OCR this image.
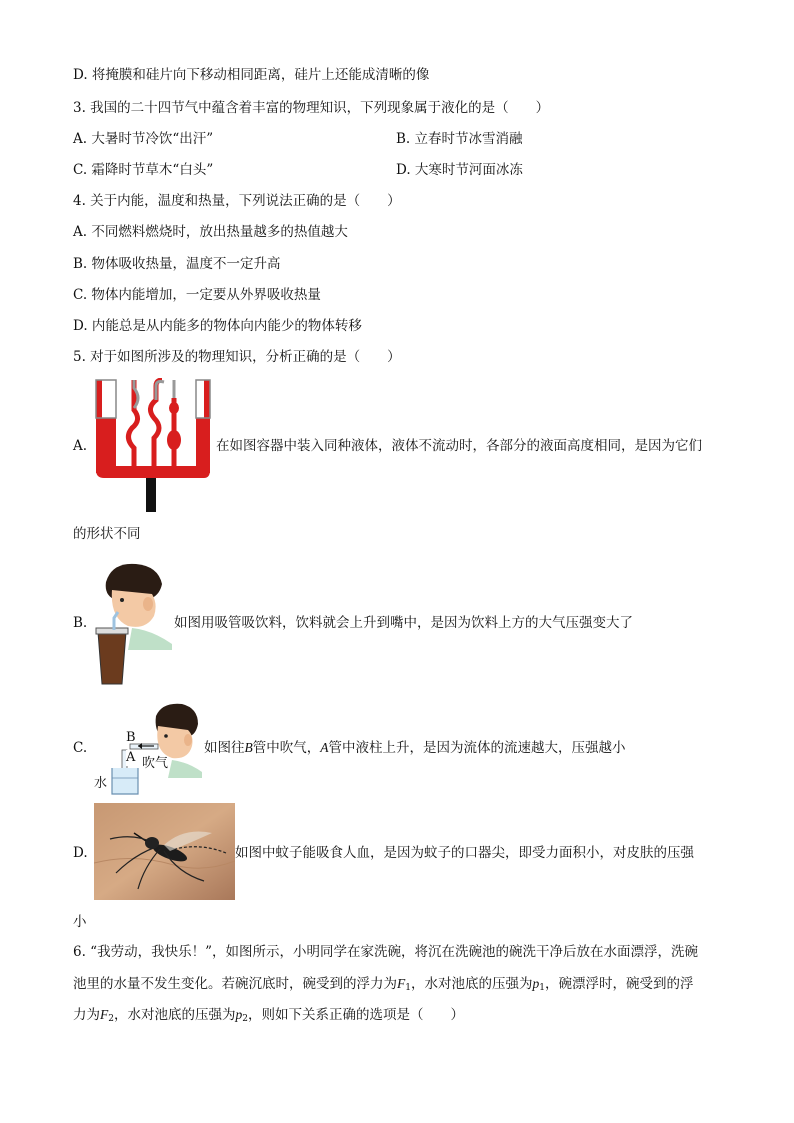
D. 将掩膜和硅片向下移动相同距离，硅片上还能成清晰的像
3. 我国的二十四节气中蕴含着丰富的物理知识，下列现象属于液化的是（　　）
A. 大暑时节冷饮“出汗”	B. 立春时节冰雪消融
C. 霜降时节草木“白头”	D. 大寒时节河面冰冻
4. 关于内能，温度和热量，下列说法正确的是（　　）
A. 不同燃料燃烧时，放出热量越多的热值越大
B. 物体吸收热量，温度不一定升高
C. 物体内能增加，一定要从外界吸收热量
D. 内能总是从内能多的物体向内能少的物体转移
5. 对于如图所涉及的物理知识，分析正确的是（　　）
A.	在如图容器中装入同种液体，液体不流动时，各部分的液面高度相同，是因为它们
的形状不同
B.	如图用吸管吸饮料，饮料就会上升到嘴中，是因为饮料上方的大气压强变大了
C.
B
A 吹气
水
如图往B管中吹气，A管中液柱上升，是因为流体的流速越大，压强越小
D.	如图中蚊子能吸食人血，是因为蚊子的口器尖，即受力面积小，对皮肤的压强
小
6. “我劳动，我快乐！”，如图所示，小明同学在家洗碗，将沉在洗碗池的碗洗干净后放在水面漂浮，洗碗
池里的水量不发生变化。若碗沉底时，碗受到的浮力为$F_1$，水对池底的压强为$p_1$，碗漂浮时，碗受到的浮
力为$F_2$，水对池底的压强为$p_2$，则如下关系正确的选项是（　　）
